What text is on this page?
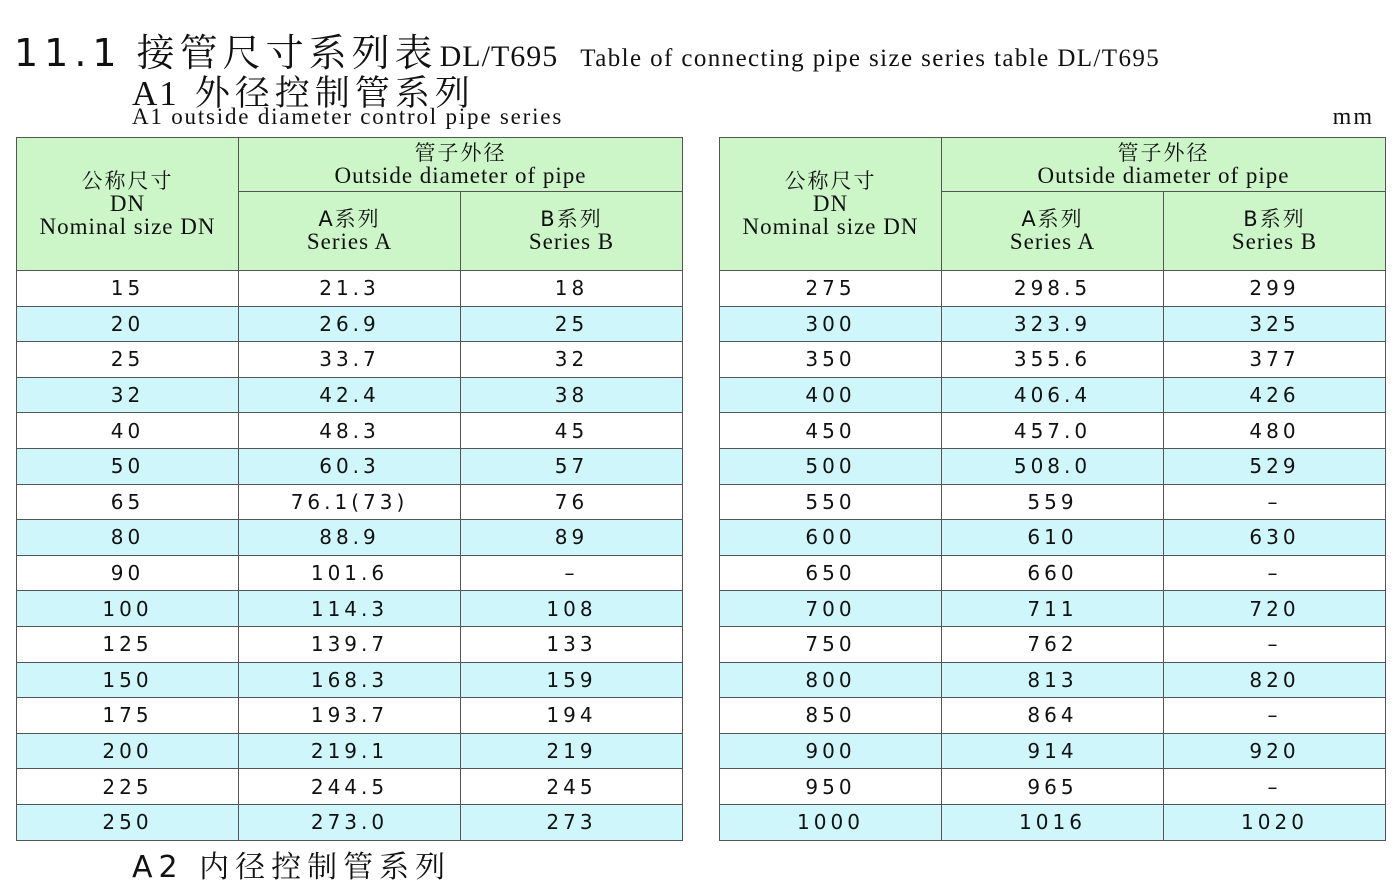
11.1 接管尺寸系列表 DL/T695 Table of connecting pipe size series table DL/T695
A1 外径控制管系列
A1 outside diameter control pipe series	mm
公称尺寸
DN
Nominal size DN	管子外径
Outside diameter of pipe	

	A系列
Series A	B系列
Series B

15	21.3	18
20	26.9	25
25	33.7	32
32	42.4	38
40	48.3	45
50	60.3	57
65	76.1(73)	76
80	88.9	89
90	101.6	–
100	114.3	108
125	139.7	133
150	168.3	159
175	193.7	194
200	219.1	219
225	244.5	245
250	273.0	273
公称尺寸
DN
Nominal size DN	管子外径
Outside diameter of pipe	

	A系列
Series A	B系列
Series B

275	298.5	299
300	323.9	325
350	355.6	377
400	406.4	426
450	457.0	480
500	508.0	529
550	559	–
600	610	630
650	660	–
700	711	720
750	762	–
800	813	820
850	864	–
900	914	920
950	965	–
1000	1016	1020
A2 内径控制管系列
